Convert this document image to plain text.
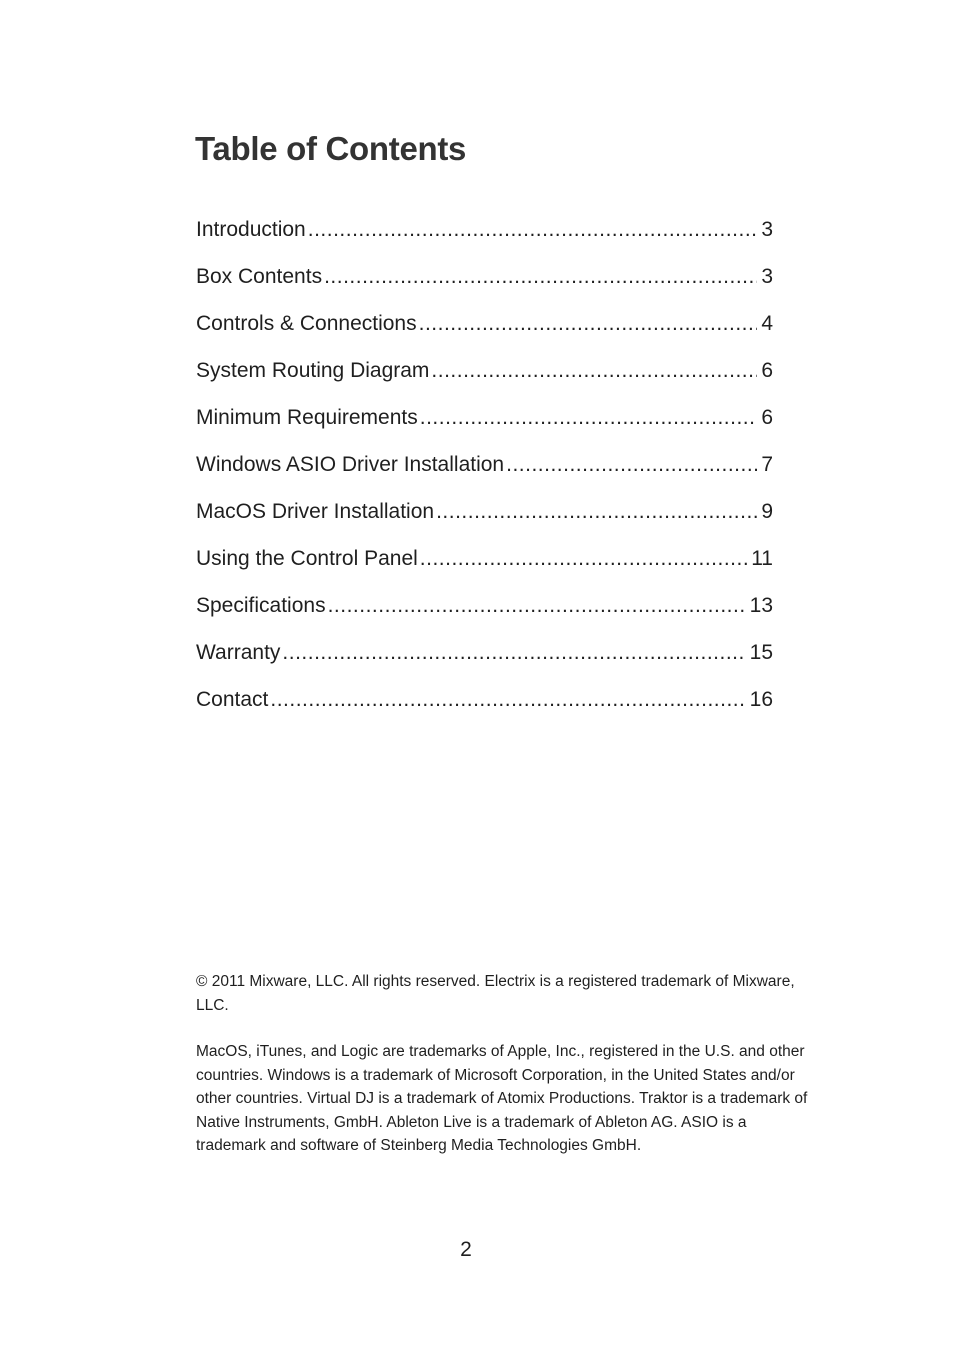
Table of Contents
Introduction .....	3
Box Contents .....	3
Controls & Connections .....	4
System Routing Diagram .....	6
Minimum Requirements .....	6
Windows ASIO Driver Installation .....	7
MacOS Driver Installation .....	9
Using the Control Panel .....	11
Specifications .....	13
Warranty .....	15
Contact .....	16

© 2011 Mixware, LLC. All rights reserved. Electrix is a registered trademark of Mixware, LLC.

MacOS, iTunes, and Logic are trademarks of Apple, Inc., registered in the U.S. and other countries. Windows is a trademark of Microsoft Corporation, in the United States and/or other countries. Virtual DJ is a trademark of Atomix Productions. Traktor is a trademark of Native Instruments, GmbH. Ableton Live is a trademark of Ableton AG. ASIO is a trademark and software of Steinberg Media Technologies GmbH.

2
